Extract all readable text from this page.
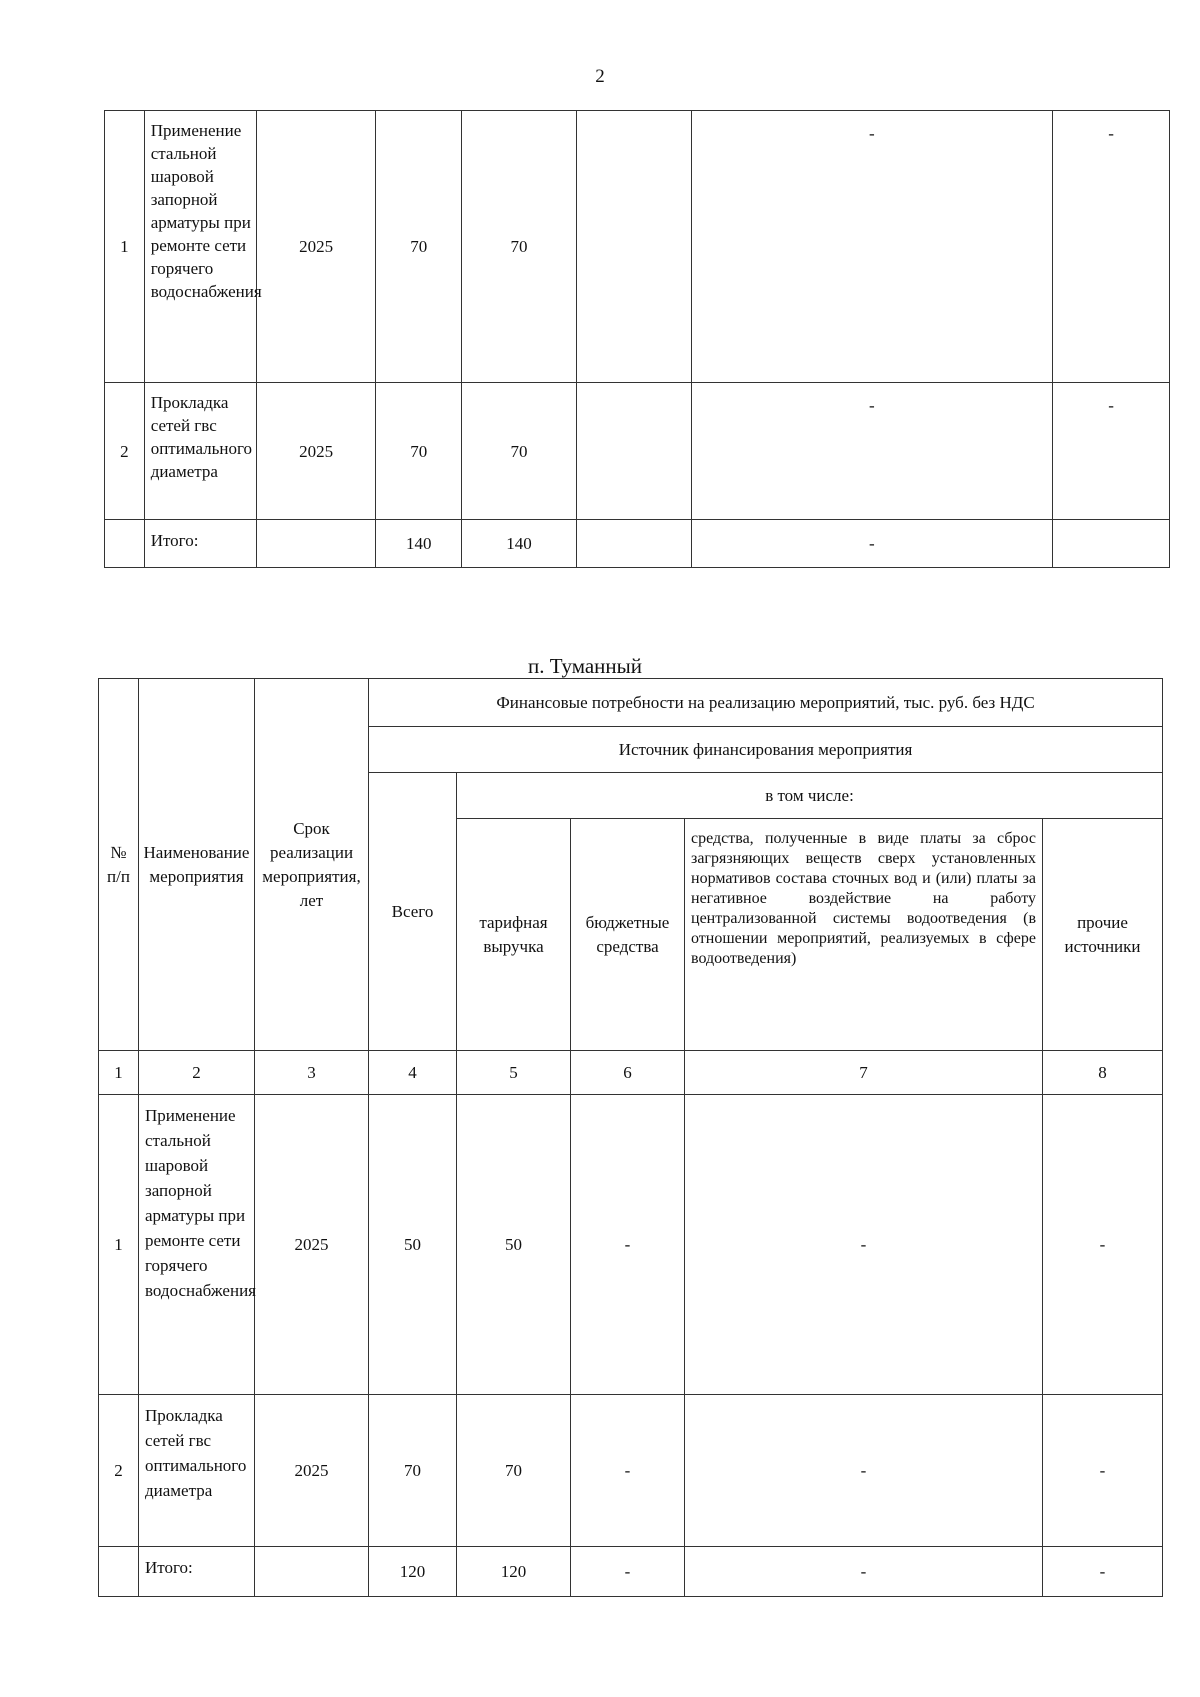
2
1	Применение стальной шаровой запорной арматуры при ремонте сети горячего водоснабжения	2025	70	70		-	-
2	Прокладка сетей гвс оптимального диаметра	2025	70	70		-	-
	Итого:		140	140		-	
п. Туманный
№ п/п	Наименование мероприятия	Срок реализации мероприятия, лет	Финансовые потребности на реализацию мероприятий, тыс. руб. без НДС				
			Источник финансирования мероприятия				
			Всего	в том числе:			
				тарифная выручка	бюджетные средства	средства, полученные в виде платы за сброс загрязняющих веществ сверх установленных нормативов состава сточных вод и (или) платы за негативное воздействие на работу централизованной системы водоотведения (в отношении мероприятий, реализуемых в сфере водоотведения)	прочие источники
1	2	3	4	5	6	7	8
1	Применение стальной шаровой запорной арматуры при ремонте сети горячего водоснабжения	2025	50	50	-	-	-
2	Прокладка сетей гвс оптимального диаметра	2025	70	70	-	-	-
	Итого:		120	120	-	-	-
